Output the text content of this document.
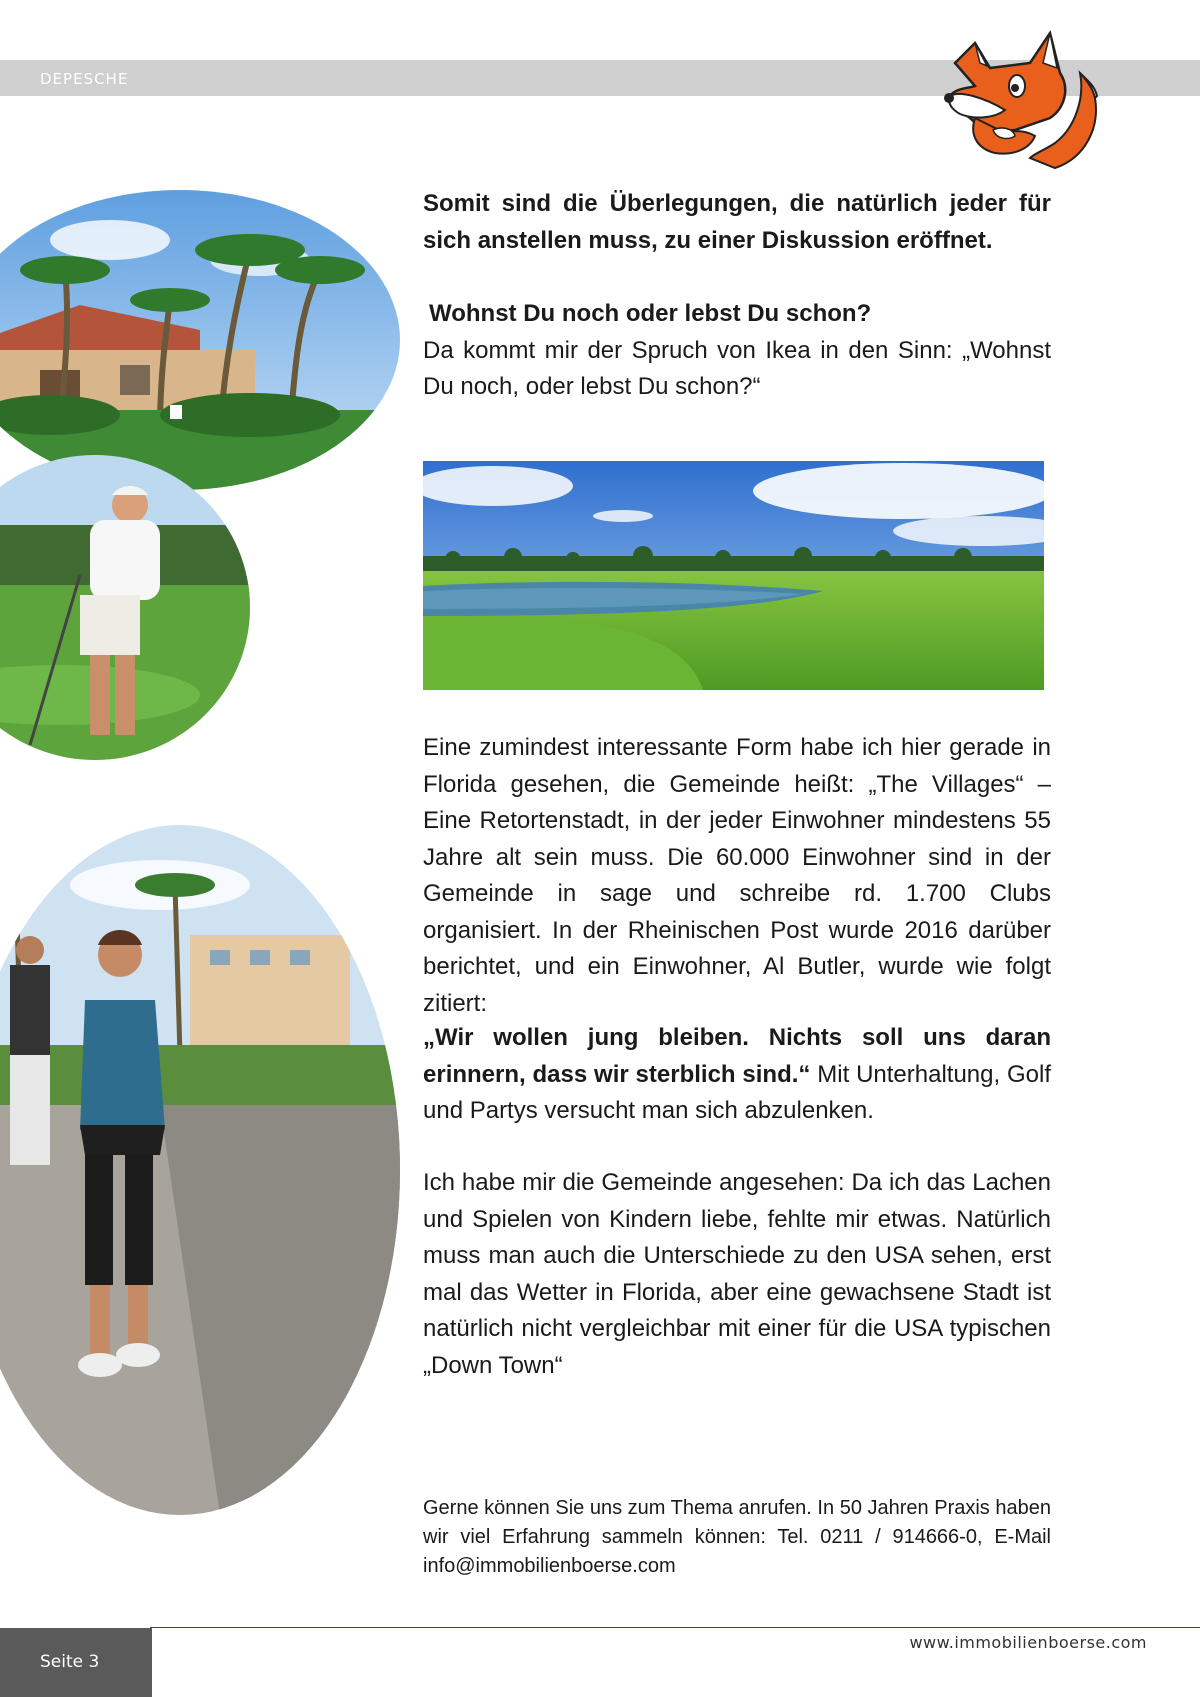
DEPESCHE

Somit sind die Überlegungen, die natürlich jeder für sich anstellen muss, zu einer Diskussion eröffnet.

Wohnst Du noch oder lebst Du schon?

Da kommt mir der Spruch von Ikea in den Sinn: „Wohnst Du noch, oder lebst Du schon?“

Eine zumindest interessante Form habe ich hier gerade in Florida gesehen, die Gemeinde heißt: „The Villages“ – Eine Retortenstadt, in der jeder Einwohner mindestens 55 Jahre alt sein muss. Die 60.000 Einwohner sind in der Gemeinde in sage und schreibe rd. 1.700 Clubs organisiert. In der Rheinischen Post wurde 2016 darüber berichtet, und ein Einwohner, Al Butler, wurde wie folgt zitiert:

„Wir wollen jung bleiben. Nichts soll uns daran erinnern, dass wir sterblich sind.“ Mit Unterhaltung, Golf und Partys versucht man sich abzulenken.

Ich habe mir die Gemeinde angesehen: Da ich das Lachen und Spielen von Kindern liebe, fehlte mir etwas. Natürlich muss man auch die Unterschiede zu den USA sehen, erst mal das Wetter in Florida, aber eine gewachsene Stadt ist natürlich nicht vergleichbar mit einer für die USA typischen „Down Town“

Gerne können Sie uns zum Thema anrufen. In 50 Jahren Praxis haben wir viel Erfahrung sammeln können: Tel. 0211 / 914666-0, E-Mail info@immobilienboerse.com
Seite 3
www.immobilienboerse.com
